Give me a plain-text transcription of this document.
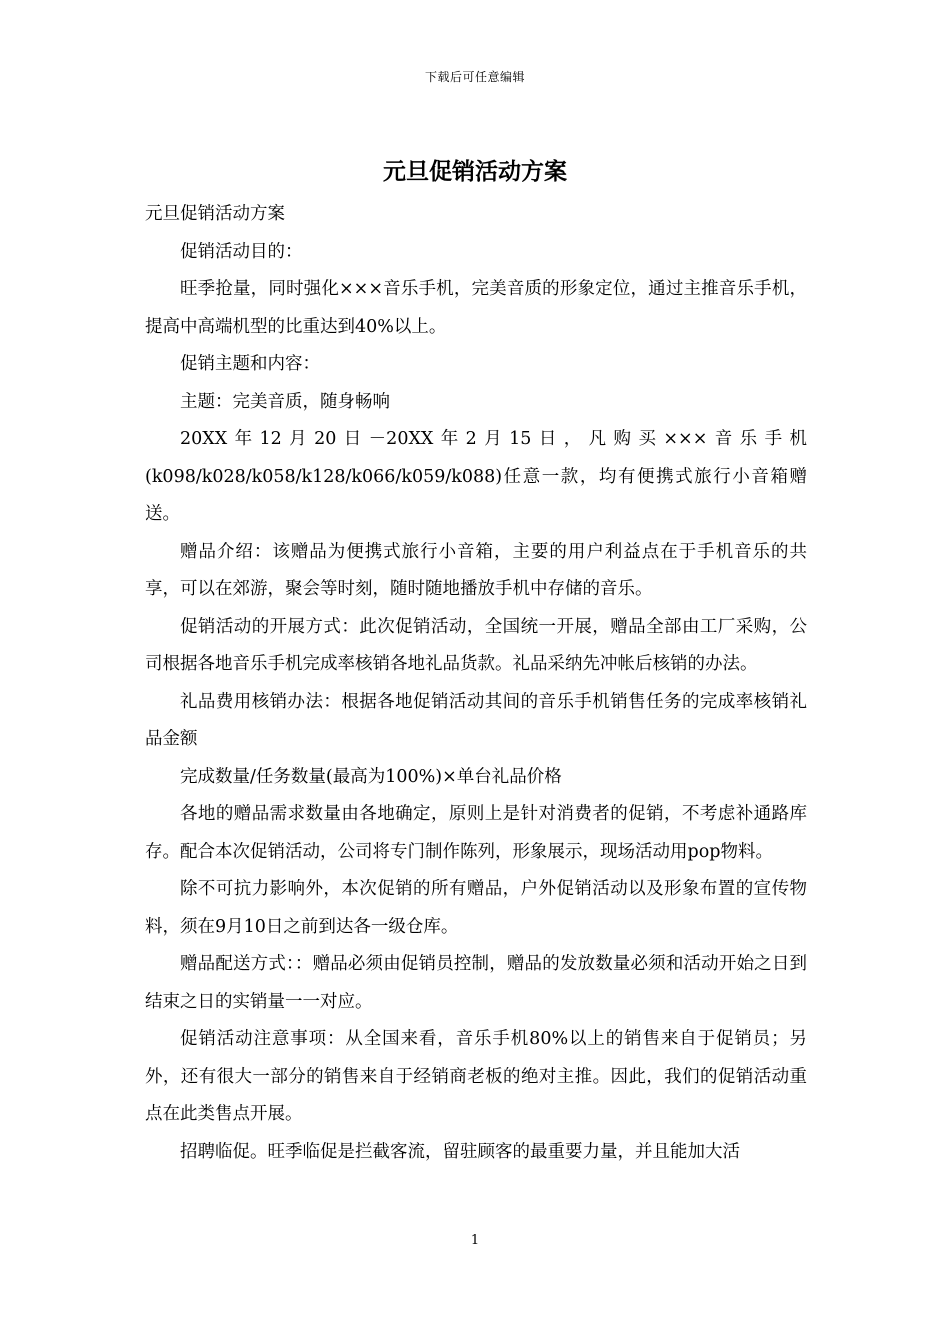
下载后可任意编辑
元旦促销活动方案

元旦促销活动方案

促销活动目的：

旺季抢量，同时强化×××音乐手机，完美音质的形象定位，通过主推音乐手机，提高中高端机型的比重达到40%以上。

促销主题和内容：

主题：完美音质，随身畅响

20XX年12月20日－20XX年2月15日，凡购买×××音乐手机(k098/k028/k058/k128/k066/k059/k088)任意一款，均有便携式旅行小音箱赠送。

赠品介绍：该赠品为便携式旅行小音箱，主要的用户利益点在于手机音乐的共享，可以在郊游，聚会等时刻，随时随地播放手机中存储的音乐。

促销活动的开展方式：此次促销活动，全国统一开展，赠品全部由工厂采购，公司根据各地音乐手机完成率核销各地礼品货款。礼品采纳先冲帐后核销的办法。

礼品费用核销办法：根据各地促销活动其间的音乐手机销售任务的完成率核销礼品金额

完成数量/任务数量(最高为100%)×单台礼品价格

各地的赠品需求数量由各地确定，原则上是针对消费者的促销，不考虑补通路库存。配合本次促销活动，公司将专门制作陈列，形象展示，现场活动用pop物料。

除不可抗力影响外，本次促销的所有赠品，户外促销活动以及形象布置的宣传物料，须在9月10日之前到达各一级仓库。

赠品配送方式：：赠品必须由促销员控制，赠品的发放数量必须和活动开始之日到结束之日的实销量一一对应。

促销活动注意事项：从全国来看，音乐手机80%以上的销售来自于促销员；另外，还有很大一部分的销售来自于经销商老板的绝对主推。因此，我们的促销活动重点在此类售点开展。

招聘临促。旺季临促是拦截客流，留驻顾客的最重要力量，并且能加大活

1
